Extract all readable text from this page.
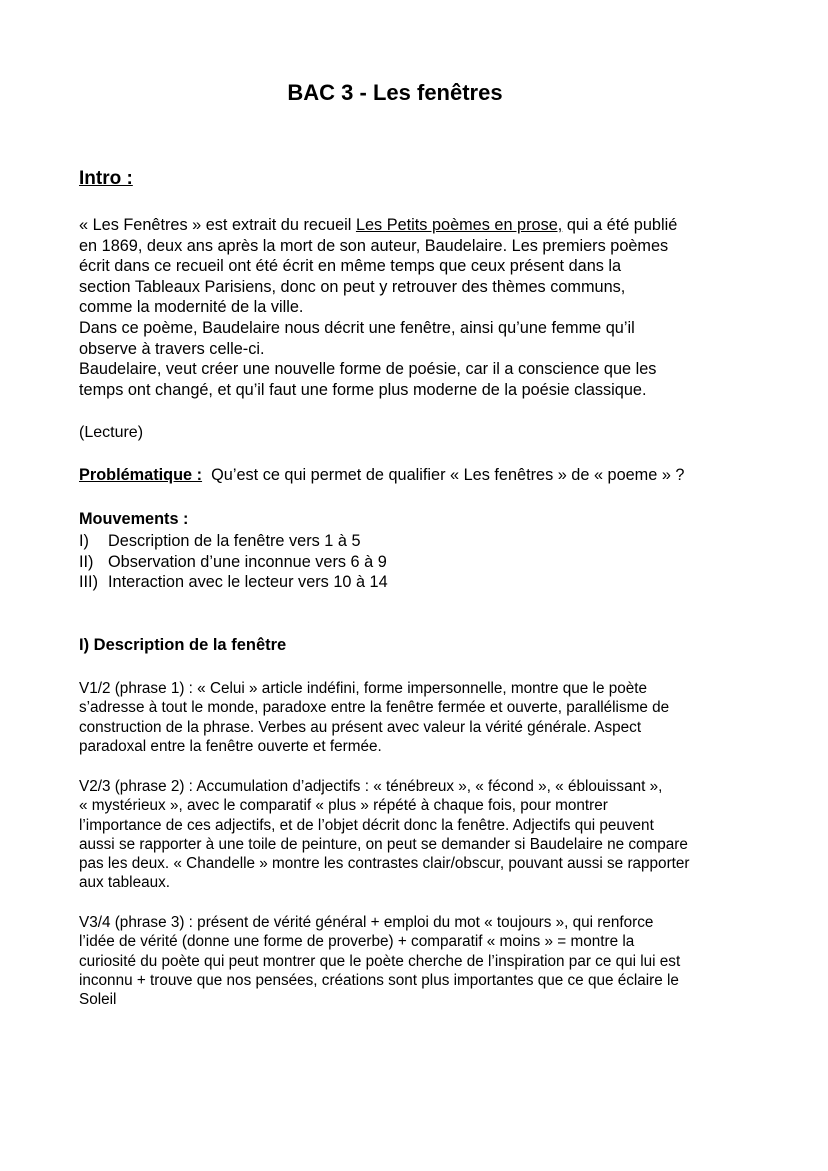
BAC 3 - Les fenêtres
Intro :
« Les Fenêtres » est extrait du recueil Les Petits poèmes en prose, qui a été publié
en 1869, deux ans après la mort de son auteur, Baudelaire. Les premiers poèmes
écrit dans ce recueil ont été écrit en même temps que ceux présent dans la
section Tableaux Parisiens, donc on peut y retrouver des thèmes communs,
comme la modernité de la ville.
Dans ce poème, Baudelaire nous décrit une fenêtre, ainsi qu’une femme qu’il
observe à travers celle-ci.
Baudelaire, veut créer une nouvelle forme de poésie, car il a conscience que les
temps ont changé, et qu’il faut une forme plus moderne de la poésie classique.

(Lecture)

Problématique : Qu’est ce qui permet de qualifier « Les fenêtres » de « poeme » ?

Mouvements :

I) Description de la fenêtre vers 1 à 5
II) Observation d’une inconnue vers 6 à 9
III) Interaction avec le lecteur vers 10 à 14
I) Description de la fenêtre
V1/2 (phrase 1) : « Celui » article indéfini, forme impersonnelle, montre que le poète
s’adresse à tout le monde, paradoxe entre la fenêtre fermée et ouverte, parallélisme de
construction de la phrase. Verbes au présent avec valeur la vérité générale. Aspect
paradoxal entre la fenêtre ouverte et fermée.
V2/3 (phrase 2) : Accumulation d’adjectifs : « ténébreux », « fécond », « éblouissant »,
« mystérieux », avec le comparatif « plus » répété à chaque fois, pour montrer
l’importance de ces adjectifs, et de l’objet décrit donc la fenêtre. Adjectifs qui peuvent
aussi se rapporter à une toile de peinture, on peut se demander si Baudelaire ne compare
pas les deux. « Chandelle » montre les contrastes clair/obscur, pouvant aussi se rapporter
aux tableaux.
V3/4 (phrase 3) : présent de vérité général + emploi du mot « toujours », qui renforce
l’idée de vérité (donne une forme de proverbe) + comparatif « moins » = montre la
curiosité du poète qui peut montrer que le poète cherche de l’inspiration par ce qui lui est
inconnu + trouve que nos pensées, créations sont plus importantes que ce que éclaire le
Soleil
